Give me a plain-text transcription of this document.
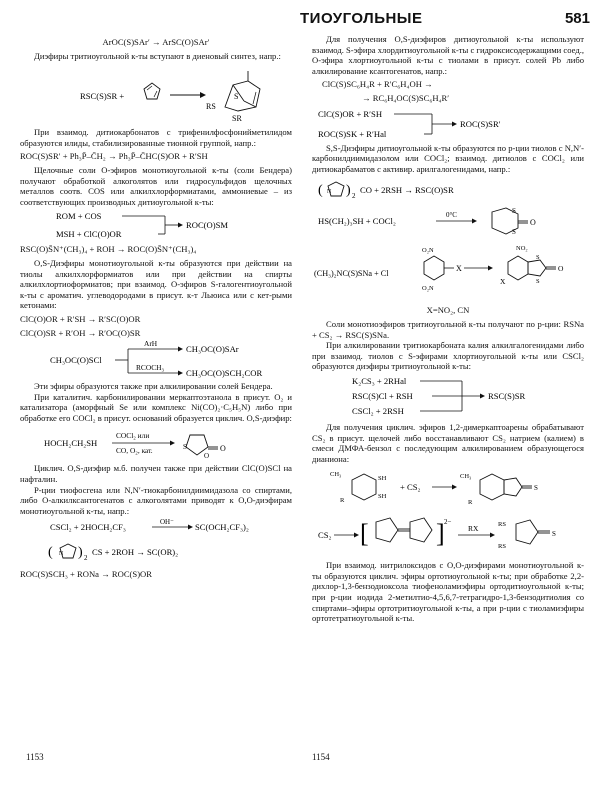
ТИОУГОЛЬНЫЕ	581
ArOC(S)SAr′ → ArSC(O)SAr′

Диэфиры тритиоугольной к-ты вступают в диеновый синтез, напр.:

RSC(S)SR +
RS
S
SR

При взаимод. дитиокарбонатов с трифенилфосфонийметилидом образуются илиды, стабилизированные тионной группой, напр.:

ROC(S)SR′ + Ph₃P̄–C̄H₂ → Ph₃P̄–C̄HC(S)OR + R′SH

Щелочные соли О-эфиров монотиоугольной к-ты (соли Бендера) получают обработкой алкоголятов или гидросульфидов щелочных металлов соотв. COS или алкилхлорформиатами, аммониевые – из соответствующих производных дитиоугольной к-ты:

ROM + COS
MSH + ClC(O)OR
ROC(O)SM
RSC(O)S̄N⁺(CH₃)₄ + ROH → ROC(O)S̄N⁺(CH₃)₄

O,S-Диэфиры монотиоугольной к-ты образуются при действии на тиолы алкилхлорформиатов или при действии на спирты алкилхлортиоформиатов; при взаимод. О-эфиров S-галогентиоугольной к-ты с ароматич. углеводородами в присут. к-т Льюиса или с кет-рыми кетонами:

ClC(O)OR + R′SH → R′SC(O)OR
ClC(O)SR + R′OH → R′OC(O)SR
CH₃OC(O)SCl
ArH
RCOCH₃
CH₃OC(O)SAr
CH₃OC(O)SCH₂COR

Эти эфиры образуются также при алкилировании солей Бендера.

При каталитич. карбонилировании меркаптоэтанола в присут. O₂ и катализатора (аморфный Se или комплекс Ni(CO)₂·C₅H₅N) либо при обработке его COCl₂ в присут. оснований образуется циклич. O,S-диэфир:

HOCH₂CH₂SH
COCl₂ или
CO, O₂, кат.	O
S
O

Циклич. O,S-диэфир м.б. получен также при действии ClC(O)SCl на нафталин.

Р-ции тиофосгена или N,N′-тиокарбонилдиимидазола со спиртами, либо O-алкилксантогенатов с алкоголятами приводят к O,O-диэфирам монотиоугольной к-ты, напр.:

CSCl₂ + 2HOCH₂CF₃	OH⁻ SC(OCH₂CF₃)₂
( N ) 2
CS + 2ROH → SC(OR)₂
ROC(S)SCH₃ + RONa → ROC(S)OR

Для получения O,S-диэфиров дитиоугольной к-ты используют взаимод. S-эфира хлордитиоугольной к-ты с гидроксисодержащими соед., O-эфира хлортиоугольной к-ты с тиолами в присут. солей Pb либо алкилирование ксантогенатов, напр.:

ClC(S)SC₆H₄R + R′C₆H₄OH →
→ RC₆H₄OC(S)SC₆H₄R′
ClC(S)OR + R′SH
ROC(S)SK + R′Hal
ROC(S)SR′

S,S-Диэфиры дитиоугольной к-ты образуются по р-ции тиолов с N,N′-карбонилдиимидазолом или COCl₂; взаимод. дитиолов с COCl₂ или дитиокарбаматов с активир. арилгалогенидами, напр.:

( N ) 2
CO + 2RSH → RSC(O)SR
HS(CH₂)₃SH + COCl₂
0°C
O
S
S
(CH₃)₂NC(S)SNa + Cl
O₂N
O₂N
X
NO₂
O
X
S
S
X=NO₂, CN

Соли монотиоэфиров тритиоугольной к-ты получают по р-ции: RSNa + CS₂ → RSC(S)SNa.

При алкилировании тритиокарбоната калия алкилгалогенидами либо при взаимод. тиолов с S-эфирами хлортиоугольной к-ты или CSCl₂ образуются диэфиры тритиоугольной к-ты:

K₂CS₃ + 2RHal
RSC(S)Cl + RSH
CSCl₂ + 2RSH
RSC(S)SR

Для получения циклич. эфиров 1,2-димеркаптоарены обрабатывают CS₂ в присут. щелочей либо восстанавливают CS₂ натрием (калием) в смеси ДМФА-бензол с последующим алкилированием образующегося дианиона:

CH₃
SH
SH
R
+ CS₂
CH₃
S
R
CS₂ [	] 2−
RX	RS
RS
S

При взаимод. нитрилоксидов с O,O-диэфирами монотиоугольной к-ты образуются циклич. эфиры ортотиоугольной к-ты; при обработке 2,2-дихлор-1,3-бензодиоксола тиофеноламиэфиры ортодитиоугольной к-ты; при р-ции иодида 2-метилтио-4,5,6,7-тетрагидро-1,3-бензодитиолия со спиртами–эфиры ортотритиоугольной к-ты, а при р-ции с тиоламиэфиры ортотетратиоугольной к-ты.

1153	1154
